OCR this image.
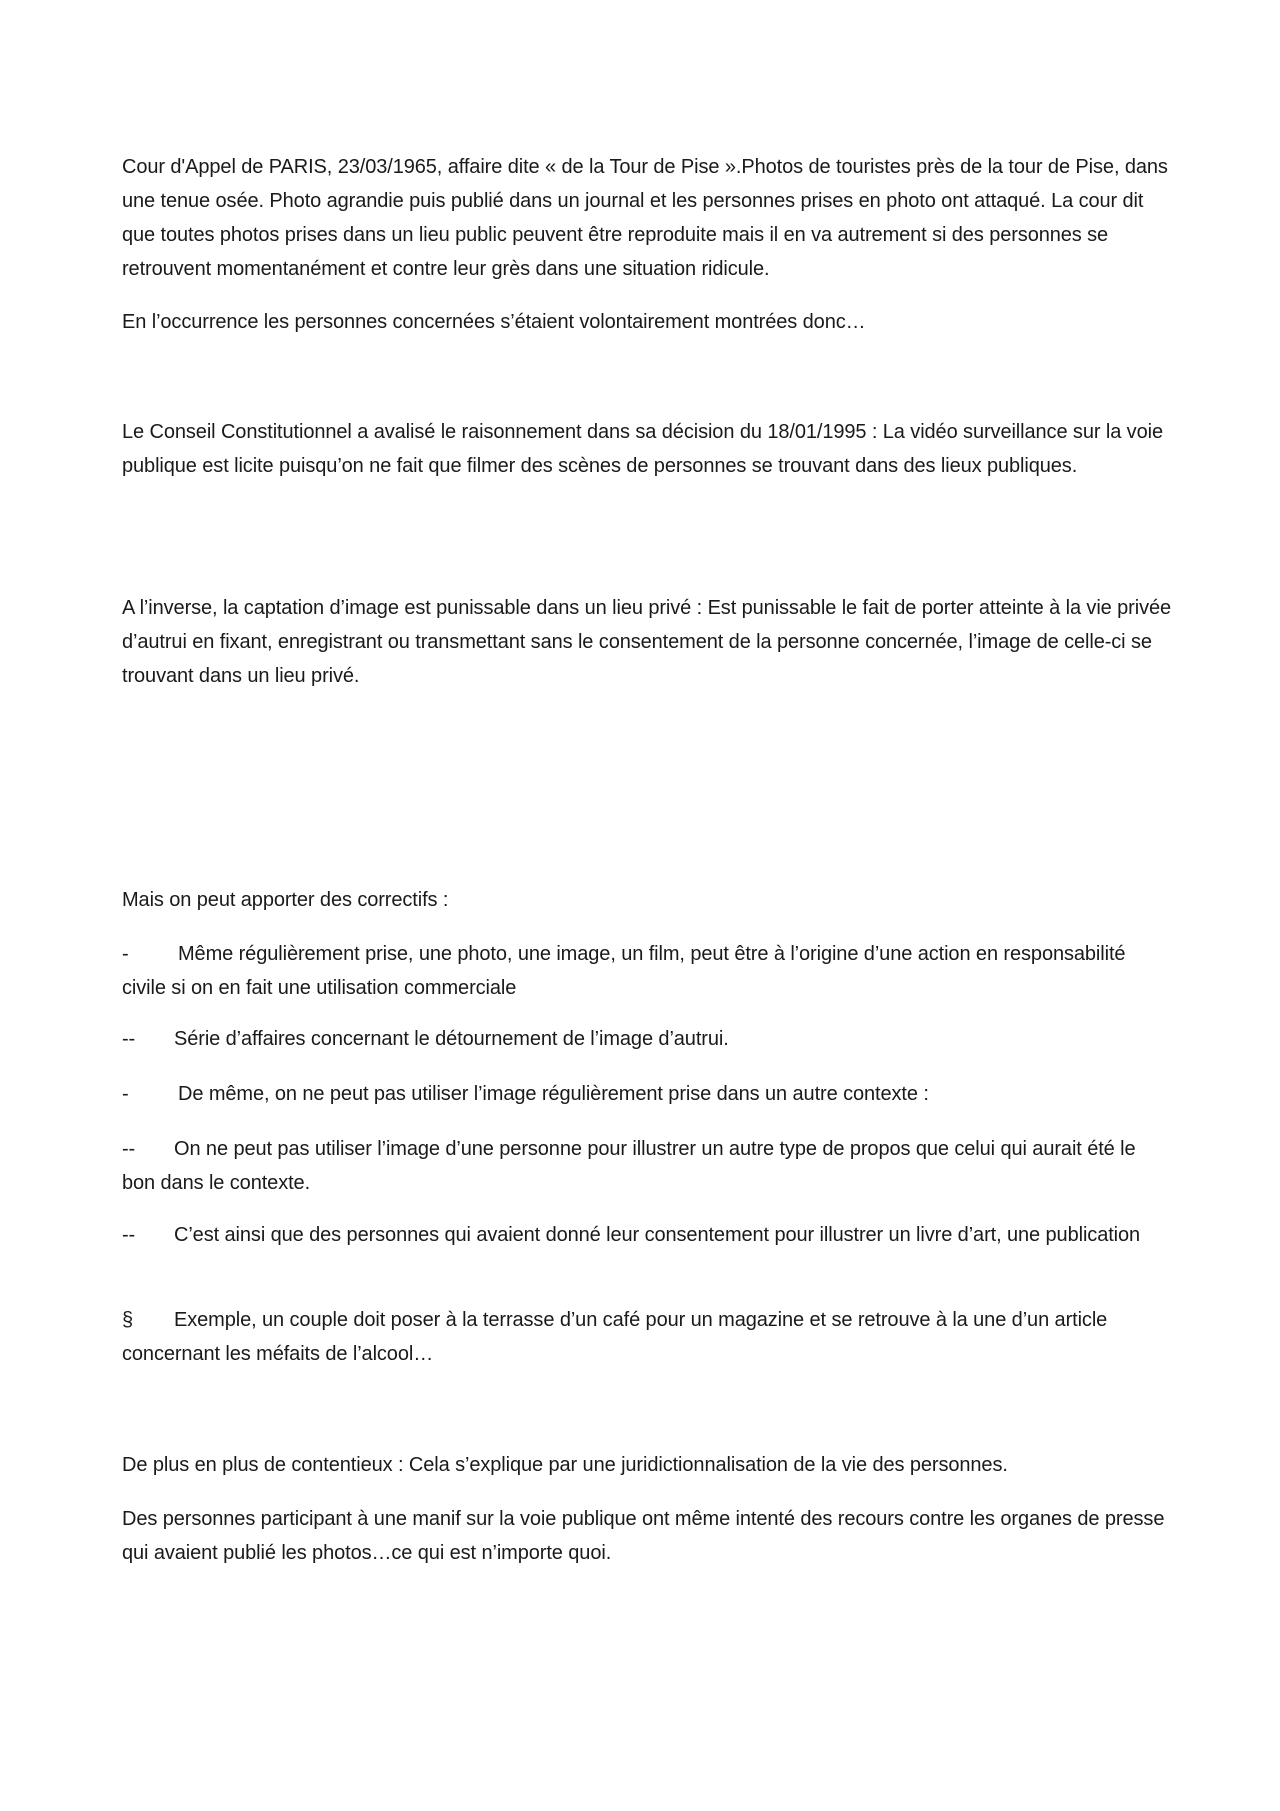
Cour d'Appel de PARIS, 23/03/1965, affaire dite « de la Tour de Pise ».Photos de touristes près de la tour de Pise, dans une tenue osée. Photo agrandie puis publié dans un journal et les personnes prises en photo ont attaqué. La cour dit que toutes photos prises dans un lieu public peuvent être reproduite mais il en va autrement si des personnes se retrouvent momentanément et contre leur grès dans une situation ridicule.

En l’occurrence les personnes concernées s’étaient volontairement montrées donc…

Le Conseil Constitutionnel a avalisé le raisonnement dans sa décision du 18/01/1995 : La vidéo surveillance sur la voie publique est licite puisqu’on ne fait que filmer des scènes de personnes se trouvant dans des lieux publiques.

A l’inverse, la captation d’image est punissable dans un lieu privé : Est punissable le fait de porter atteinte à la vie privée d’autrui en fixant, enregistrant ou transmettant sans le consentement de la personne concernée, l’image de celle-ci se trouvant dans un lieu privé.

Mais on peut apporter des correctifs :

- Même régulièrement prise, une photo, une image, un film, peut être à l’origine d’une action en responsabilité civile si on en fait une utilisation commerciale

-- Série d’affaires concernant le détournement de l’image d’autrui.

- De même, on ne peut pas utiliser l’image régulièrement prise dans un autre contexte :

-- On ne peut pas utiliser l’image d’une personne pour illustrer un autre type de propos que celui qui aurait été le bon dans le contexte.

-- C’est ainsi que des personnes qui avaient donné leur consentement pour illustrer un livre d’art, une publication

§ Exemple, un couple doit poser à la terrasse d’un café pour un magazine et se retrouve à la une d’un article concernant les méfaits de l’alcool…

De plus en plus de contentieux : Cela s’explique par une juridictionnalisation de la vie des personnes.

Des personnes participant à une manif sur la voie publique ont même intenté des recours contre les organes de presse qui avaient publié les photos…ce qui est n’importe quoi.
